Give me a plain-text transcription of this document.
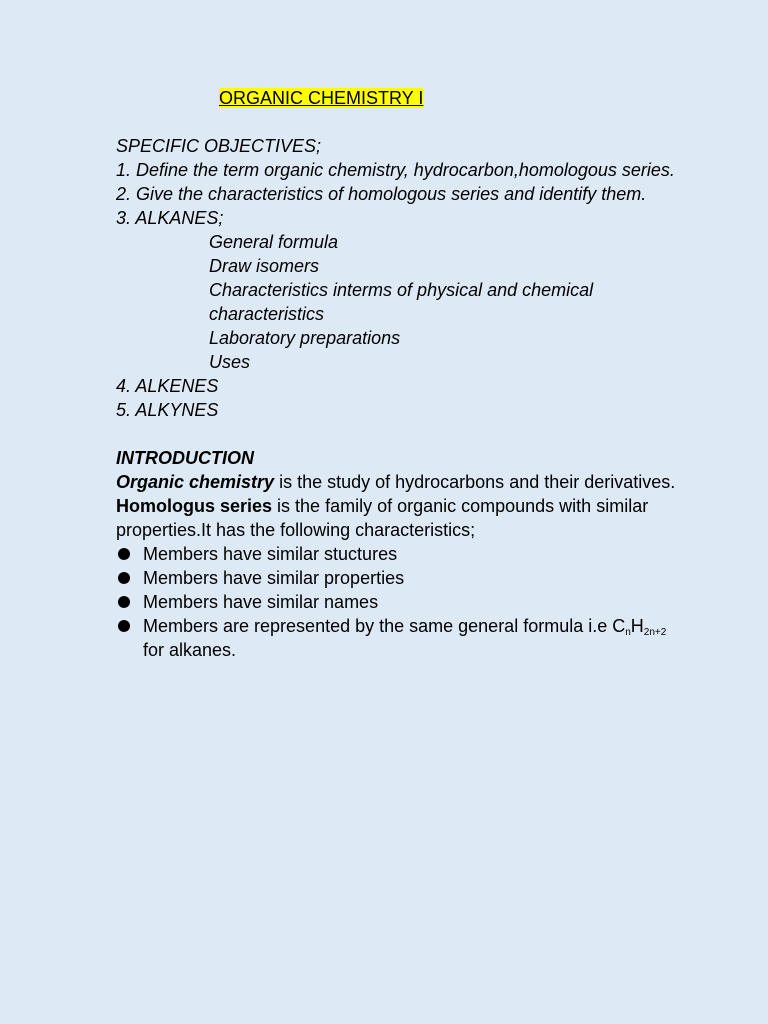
ORGANIC CHEMISTRY I
SPECIFIC OBJECTIVES;
1. Define the term organic chemistry, hydrocarbon,homologous series.
2. Give the characteristics of homologous series and identify them.
3. ALKANES;
General formula
Draw isomers
Characteristics interms of physical and chemical characteristics
Laboratory preparations
Uses
4. ALKENES
5. ALKYNES
INTRODUCTION
Organic chemistry is the study of hydrocarbons and their derivatives.
Homologus series is the family of organic compounds with similar properties.It has the following characteristics;
Members have similar stuctures
Members have similar properties
Members have similar names
Members are represented by the same general formula i.e $C_nH_{2n+2}$ for alkanes.
